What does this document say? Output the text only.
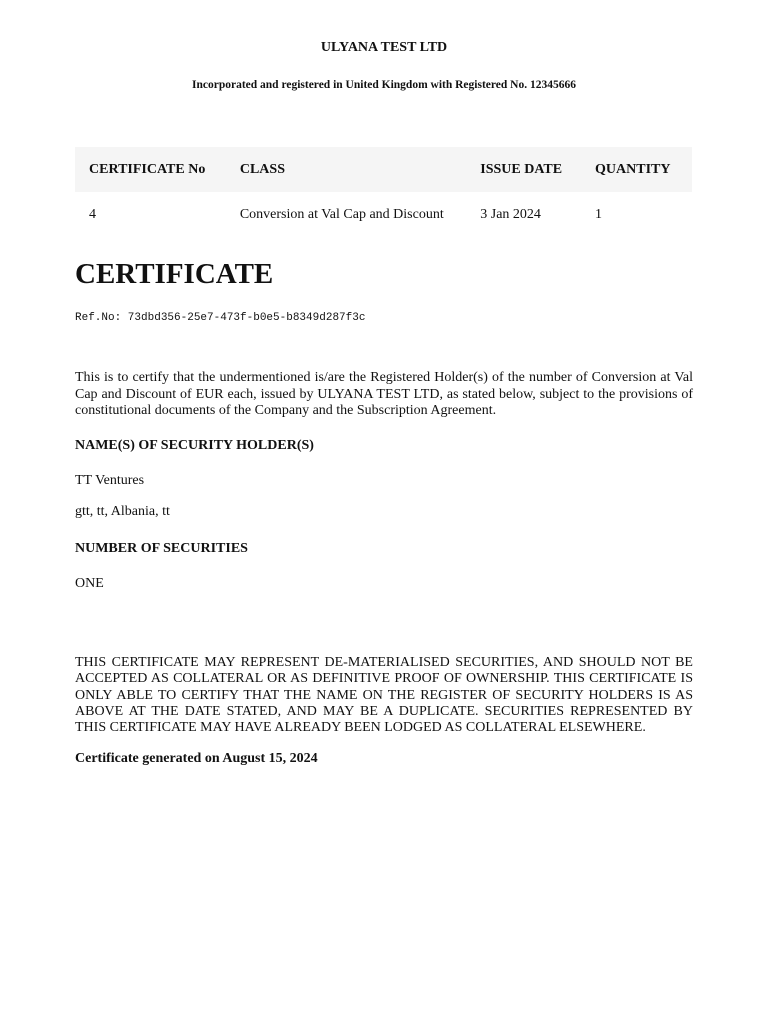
ULYANA TEST LTD
Incorporated and registered in United Kingdom with Registered No. 12345666
CERTIFICATE No	CLASS	ISSUE DATE	QUANTITY
4	Conversion at Val Cap and Discount	3 Jan 2024	1
CERTIFICATE
Ref.No: 73dbd356-25e7-473f-b0e5-b8349d287f3c

This is to certify that the undermentioned is/are the Registered Holder(s) of the number of Conversion at Val Cap and Discount of EUR each, issued by ULYANA TEST LTD, as stated below, subject to the provisions of constitutional documents of the Company and the Subscription Agreement.

NAME(S) OF SECURITY HOLDER(S)
TT Ventures
gtt, tt, Albania, tt
NUMBER OF SECURITIES
ONE

THIS CERTIFICATE MAY REPRESENT DE-MATERIALISED SECURITIES, AND SHOULD NOT BE ACCEPTED AS COLLATERAL OR AS DEFINITIVE PROOF OF OWNERSHIP. THIS CERTIFICATE IS ONLY ABLE TO CERTIFY THAT THE NAME ON THE REGISTER OF SECURITY HOLDERS IS AS ABOVE AT THE DATE STATED, AND MAY BE A DUPLICATE. SECURITIES REPRESENTED BY THIS CERTIFICATE MAY HAVE ALREADY BEEN LODGED AS COLLATERAL ELSEWHERE.

Certificate generated on August 15, 2024
